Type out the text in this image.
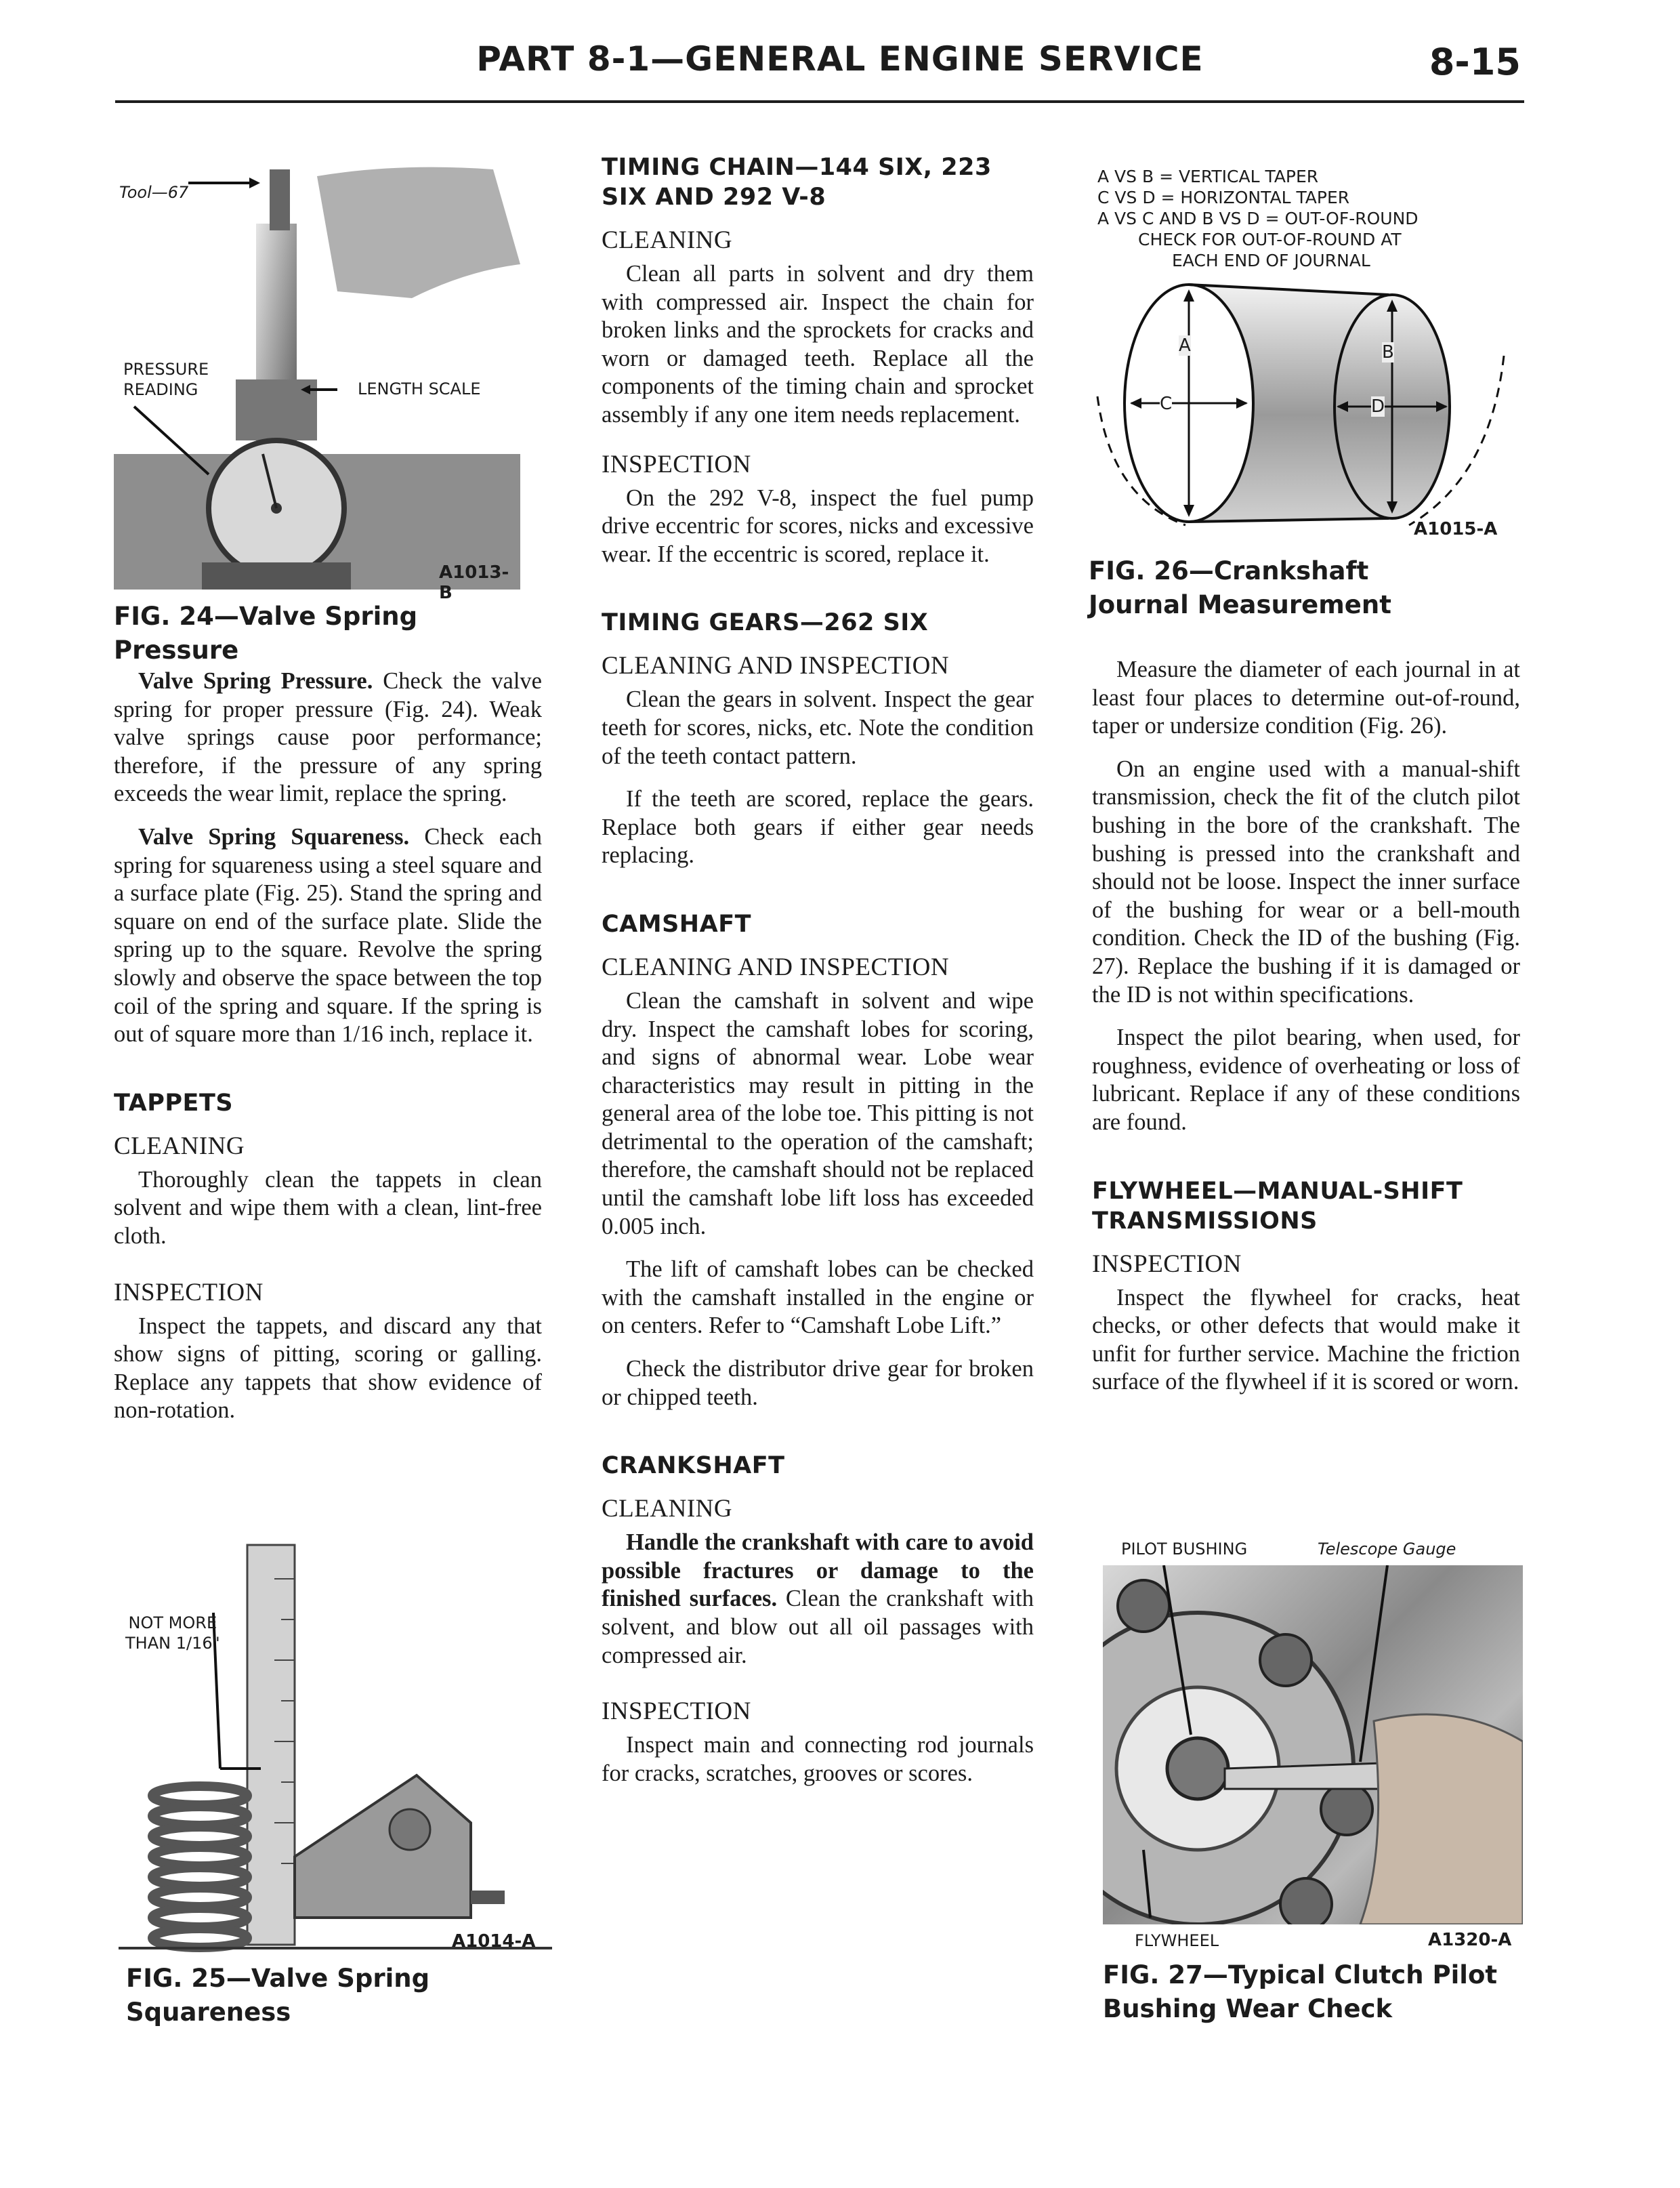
PART 8-1—GENERAL ENGINE SERVICE	8-15
Tool—67
PRESSURE
READING	LENGTH SCALE
A1013-B
FIG. 24—Valve Spring Pressure

Valve Spring Pressure. Check the valve spring for proper pressure (Fig. 24). Weak valve springs cause poor performance; therefore, if the pressure of any spring exceeds the wear limit, replace the spring.

Valve Spring Squareness. Check each spring for squareness using a steel square and a surface plate (Fig. 25). Stand the spring and square on end of the surface plate. Slide the spring up to the square. Revolve the spring slowly and observe the space between the top coil of the spring and square. If the spring is out of square more than 1/16 inch, replace it.

TAPPETS
CLEANING

Thoroughly clean the tappets in clean solvent and wipe them with a clean, lint-free cloth.

INSPECTION

Inspect the tappets, and discard any that show signs of pitting, scoring or galling. Replace any tappets that show evidence of non-rotation.

NOT MORE
THAN 1/16"
A1014-A
FIG. 25—Valve Spring Squareness
TIMING CHAIN—144 SIX, 223 SIX AND 292 V-8
CLEANING

Clean all parts in solvent and dry them with compressed air. Inspect the chain for broken links and the sprockets for cracks and worn or damaged teeth. Replace all the components of the timing chain and sprocket assembly if any one item needs replacement.

INSPECTION

On the 292 V-8, inspect the fuel pump drive eccentric for scores, nicks and excessive wear. If the eccentric is scored, replace it.

TIMING GEARS—262 SIX
CLEANING AND INSPECTION

Clean the gears in solvent. Inspect the gear teeth for scores, nicks, etc. Note the condition of the teeth contact pattern.

If the teeth are scored, replace the gears. Replace both gears if either gear needs replacing.

CAMSHAFT
CLEANING AND INSPECTION

Clean the camshaft in solvent and wipe dry. Inspect the camshaft lobes for scoring, and signs of abnormal wear. Lobe wear characteristics may result in pitting in the general area of the lobe toe. This pitting is not detrimental to the operation of the camshaft; therefore, the camshaft should not be replaced until the camshaft lobe lift loss has exceeded 0.005 inch.

The lift of camshaft lobes can be checked with the camshaft installed in the engine or on centers. Refer to “Camshaft Lobe Lift.”

Check the distributor drive gear for broken or chipped teeth.

CRANKSHAFT
CLEANING

Handle the crankshaft with care to avoid possible fractures or damage to the finished surfaces. Clean the crankshaft with solvent, and blow out all oil passages with compressed air.

INSPECTION

Inspect main and connecting rod journals for cracks, scratches, grooves or scores.

A VS B = VERTICAL TAPER
C VS D = HORIZONTAL TAPER
A VS C AND B VS D = OUT-OF-ROUND
CHECK FOR OUT-OF-ROUND AT
EACH END OF JOURNAL
A	B
C	D
A1015-A
FIG. 26—Crankshaft Journal Measurement

Measure the diameter of each journal in at least four places to determine out-of-round, taper or undersize condition (Fig. 26).

On an engine used with a manual-shift transmission, check the fit of the clutch pilot bushing in the bore of the crankshaft. The bushing is pressed into the crankshaft and should not be loose. Inspect the inner surface of the bushing for wear or a bell-mouth condition. Check the ID of the bushing (Fig. 27). Replace the bushing if it is damaged or the ID is not within specifications.

Inspect the pilot bearing, when used, for roughness, evidence of overheating or loss of lubricant. Replace if any of these conditions are found.

FLYWHEEL—MANUAL-SHIFT TRANSMISSIONS
INSPECTION

Inspect the flywheel for cracks, heat checks, or other defects that would make it unfit for further service. Machine the friction surface of the flywheel if it is scored or worn.

PILOT BUSHING	Telescope Gauge
FLYWHEEL	A1320-A
FIG. 27—Typical Clutch Pilot Bushing Wear Check
